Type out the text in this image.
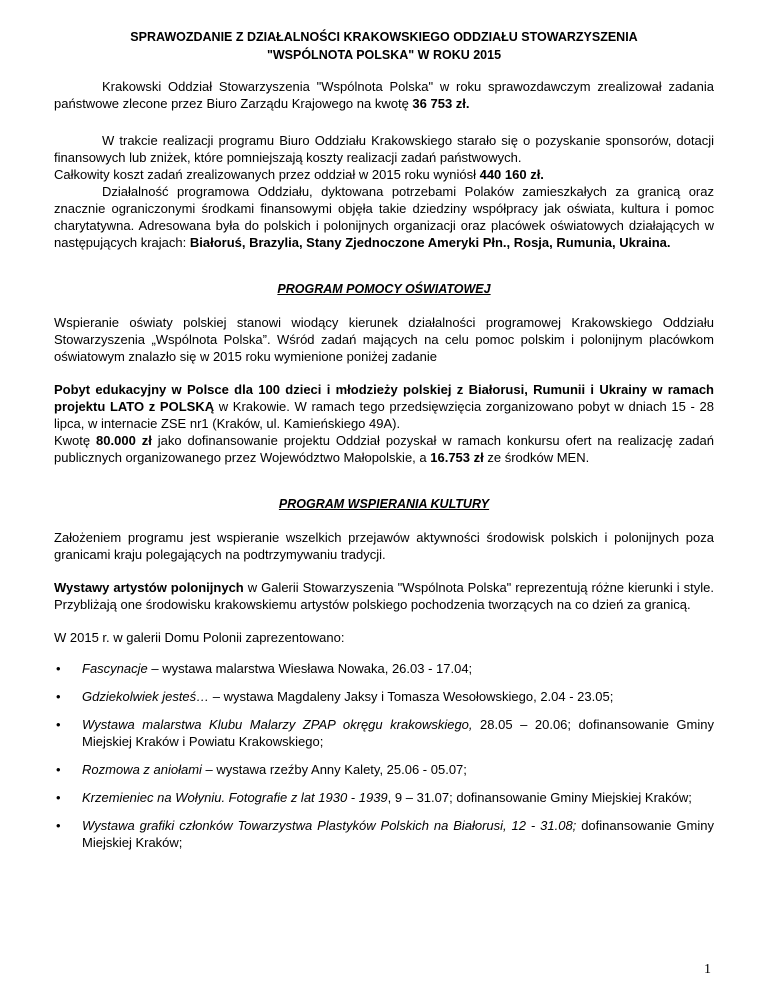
SPRAWOZDANIE Z DZIAŁALNOŚCI KRAKOWSKIEGO ODDZIAŁU STOWARZYSZENIA
"WSPÓLNOTA POLSKA" W ROKU 2015

Krakowski Oddział Stowarzyszenia "Wspólnota Polska" w roku sprawozdawczym zrealizował zadania państwowe zlecone przez Biuro Zarządu Krajowego na kwotę 36 753 zł.

W trakcie realizacji programu Biuro Oddziału Krakowskiego starało się o pozyskanie sponsorów, dotacji finansowych lub zniżek, które pomniejszają koszty realizacji zadań państwowych.

Całkowity koszt zadań zrealizowanych przez oddział w 2015 roku wyniósł 440 160 zł.

Działalność programowa Oddziału, dyktowana potrzebami Polaków zamieszkałych za granicą oraz znacznie ograniczonymi środkami finansowymi objęła takie dziedziny współpracy jak oświata, kultura i pomoc charytatywna. Adresowana była do polskich i polonijnych organizacji oraz placówek oświatowych działających w następujących krajach: Białoruś, Brazylia, Stany Zjednoczone Ameryki Płn., Rosja, Rumunia, Ukraina.

PROGRAM POMOCY OŚWIATOWEJ

Wspieranie oświaty polskiej stanowi wiodący kierunek działalności programowej Krakowskiego Oddziału Stowarzyszenia „Wspólnota Polska”. Wśród zadań mających na celu pomoc polskim i polonijnym placówkom oświatowym znalazło się w 2015 roku wymienione poniżej zadanie

Pobyt edukacyjny w Polsce dla 100 dzieci i młodzieży polskiej z Białorusi, Rumunii i Ukrainy w ramach projektu LATO z POLSKĄ w Krakowie. W ramach tego przedsięwzięcia zorganizowano pobyt w dniach 15 - 28 lipca, w internacie ZSE nr1 (Kraków, ul. Kamieńskiego 49A).

Kwotę 80.000 zł jako dofinansowanie projektu Oddział pozyskał w ramach konkursu ofert na realizację zadań publicznych organizowanego przez Województwo Małopolskie, a 16.753 zł ze środków MEN.

PROGRAM WSPIERANIA KULTURY

Założeniem programu jest wspieranie wszelkich przejawów aktywności środowisk polskich i polonijnych poza granicami kraju polegających na podtrzymywaniu tradycji.

Wystawy artystów polonijnych w Galerii Stowarzyszenia "Wspólnota Polska" reprezentują różne kierunki i style. Przybliżają one środowisku krakowskiemu artystów polskiego pochodzenia tworzących na co dzień za granicą.

W 2015 r. w galerii Domu Polonii zaprezentowano:

• Fascynacje – wystawa malarstwa Wiesława Nowaka, 26.03 - 17.04;
• Gdziekolwiek jesteś… – wystawa Magdaleny Jaksy i Tomasza Wesołowskiego, 2.04 - 23.05;
• Wystawa malarstwa Klubu Malarzy ZPAP okręgu krakowskiego, 28.05 – 20.06; dofinansowanie Gminy Miejskiej Kraków i Powiatu Krakowskiego;
• Rozmowa z aniołami – wystawa rzeźby Anny Kalety, 25.06 - 05.07;
• Krzemieniec na Wołyniu. Fotografie z lat 1930 - 1939, 9 – 31.07; dofinansowanie Gminy Miejskiej Kraków;
• Wystawa grafiki członków Towarzystwa Plastyków Polskich na Białorusi, 12 - 31.08; dofinansowanie Gminy Miejskiej Kraków;
1
